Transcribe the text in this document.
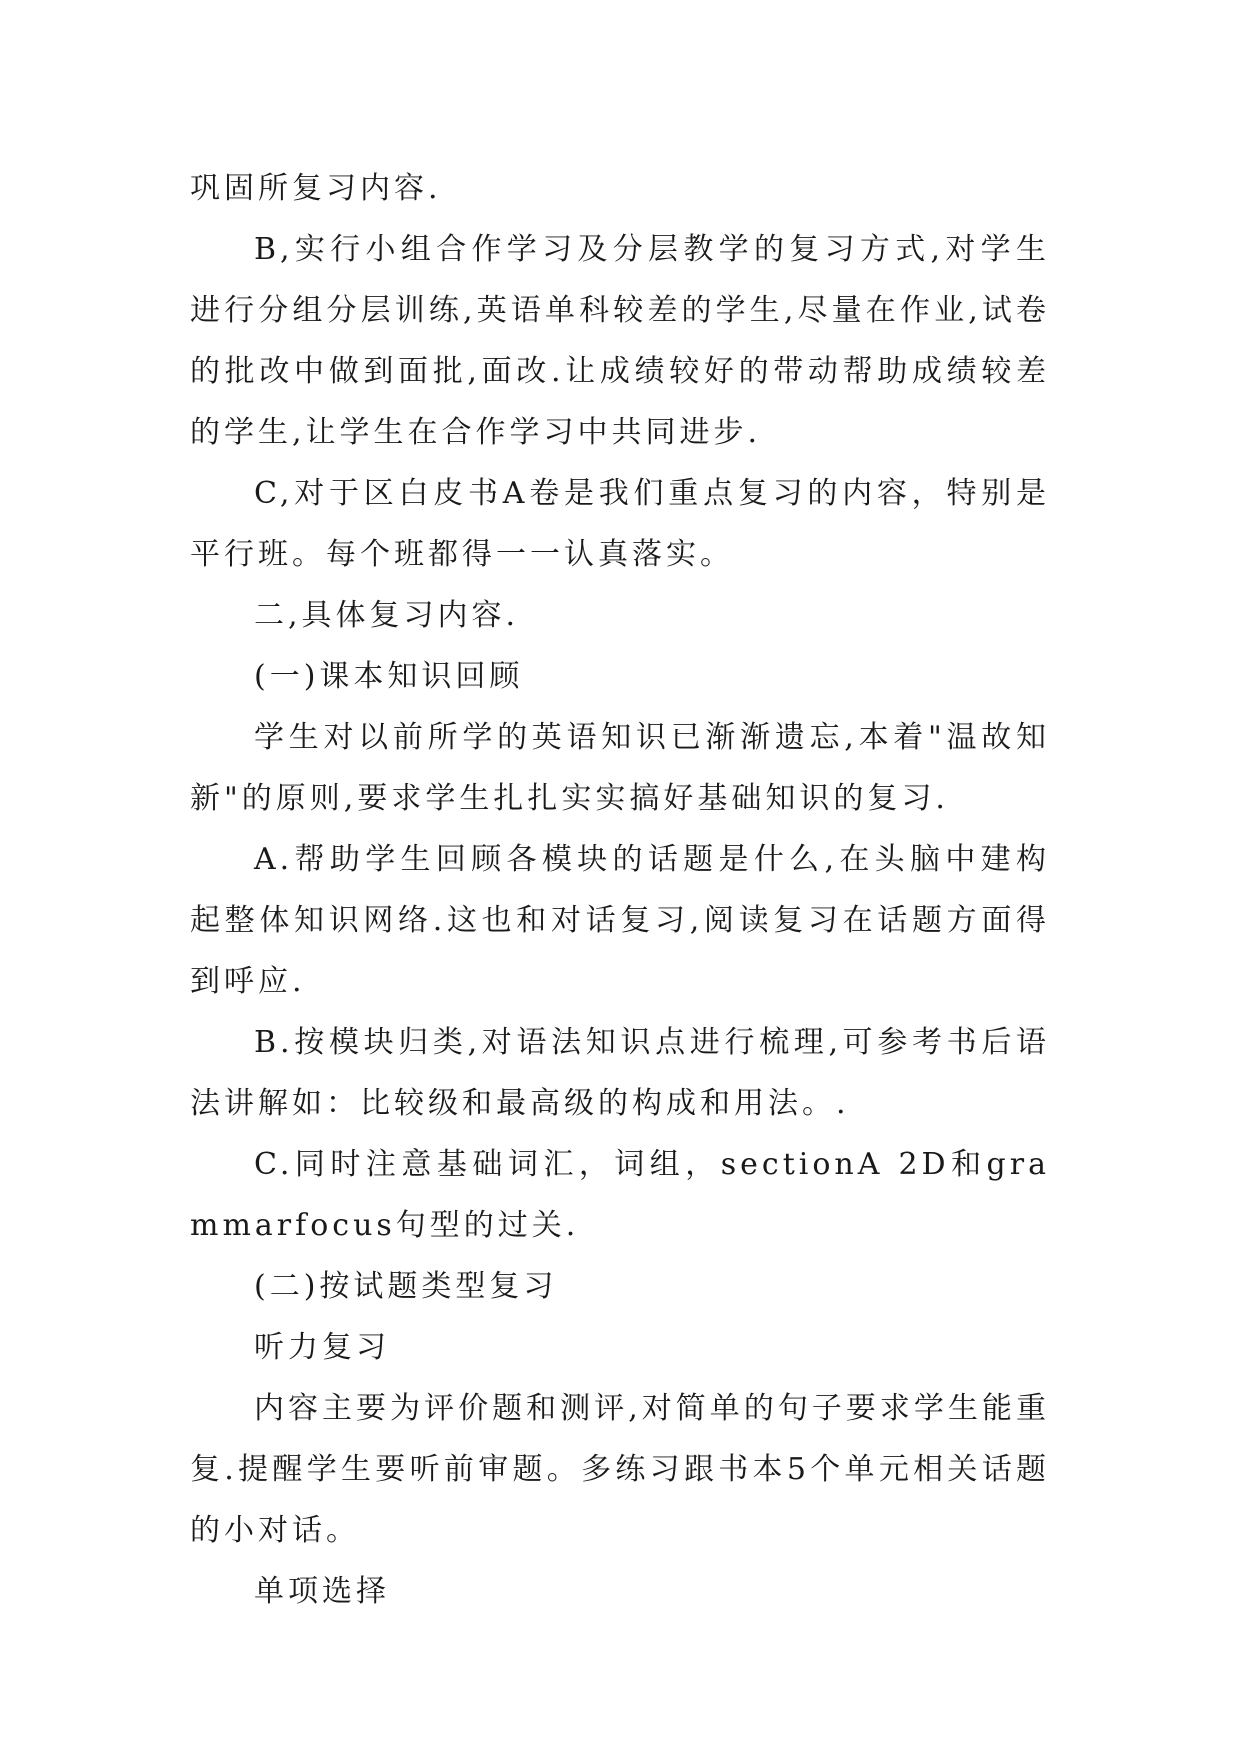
巩固所复习内容.

B,实行小组合作学习及分层教学的复习方式,对学生进行分组分层训练,英语单科较差的学生,尽量在作业,试卷的批改中做到面批,面改.让成绩较好的带动帮助成绩较差的学生,让学生在合作学习中共同进步.

C,对于区白皮书A卷是我们重点复习的内容，特别是平行班。每个班都得一一认真落实。

二,具体复习内容.

(一)课本知识回顾

学生对以前所学的英语知识已渐渐遗忘,本着"温故知新"的原则,要求学生扎扎实实搞好基础知识的复习.

A.帮助学生回顾各模块的话题是什么,在头脑中建构起整体知识网络.这也和对话复习,阅读复习在话题方面得到呼应.

B.按模块归类,对语法知识点进行梳理,可参考书后语法讲解如：比较级和最高级的构成和用法。.

C.同时注意基础词汇，词组，sectionA 2D和grammarfocus句型的过关.

(二)按试题类型复习

听力复习

内容主要为评价题和测评,对简单的句子要求学生能重复.提醒学生要听前审题。多练习跟书本5个单元相关话题的小对话。

单项选择
